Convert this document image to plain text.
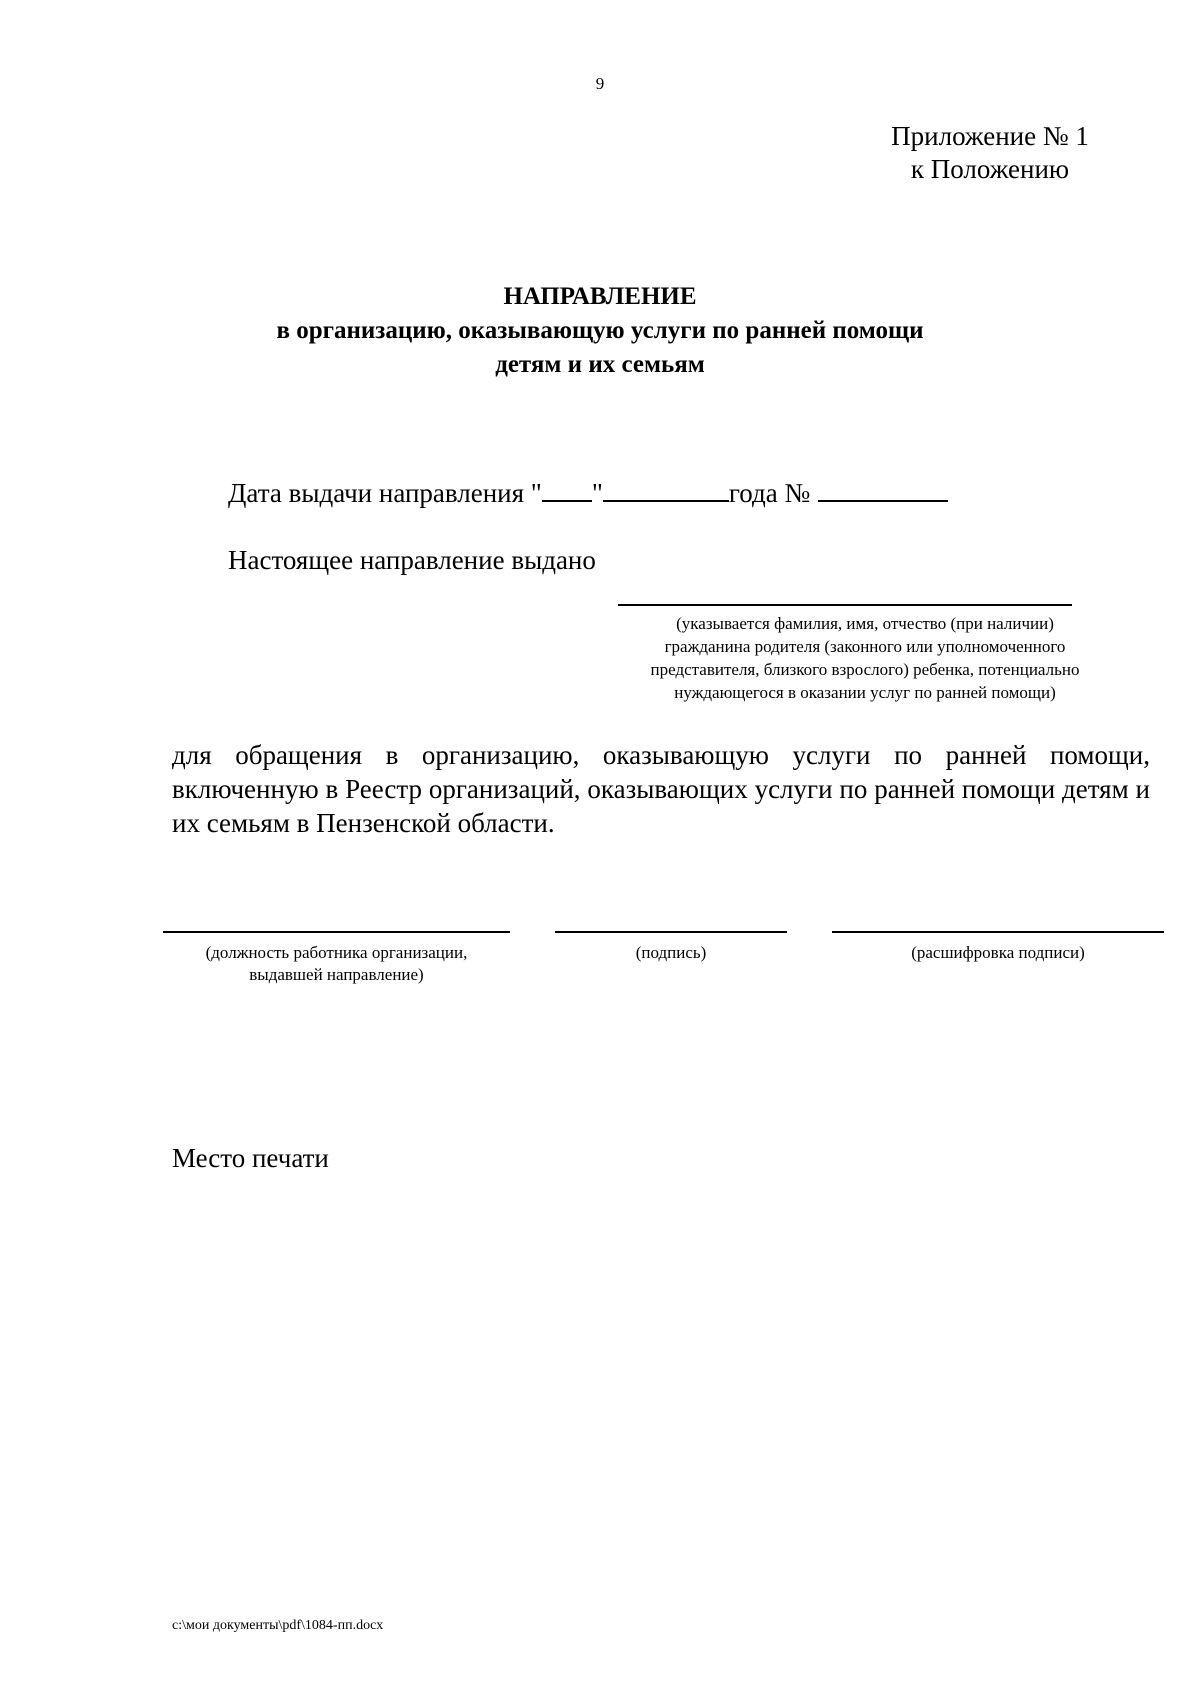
9
Приложение № 1
к Положению
НАПРАВЛЕНИЕ
в организацию, оказывающую услуги по ранней помощи
детям и их семьям
Дата выдачи направления " "	года №
Настоящее направление выдано
(указывается фамилия, имя, отчество (при наличии)
гражданина родителя (законного или уполномоченного
представителя, близкого взрослого) ребенка, потенциально
нуждающегося в оказании услуг по ранней помощи)
для обращения в организацию, оказывающую услуги по ранней помощи, включенную в Реестр организаций, оказывающих услуги по ранней помощи детям и их семьям в Пензенской области.
(должность работника организации,
выдавшей направление)
(подпись)	(расшифровка подписи)
Место печати
c:\мои документы\pdf\1084-пп.docx
